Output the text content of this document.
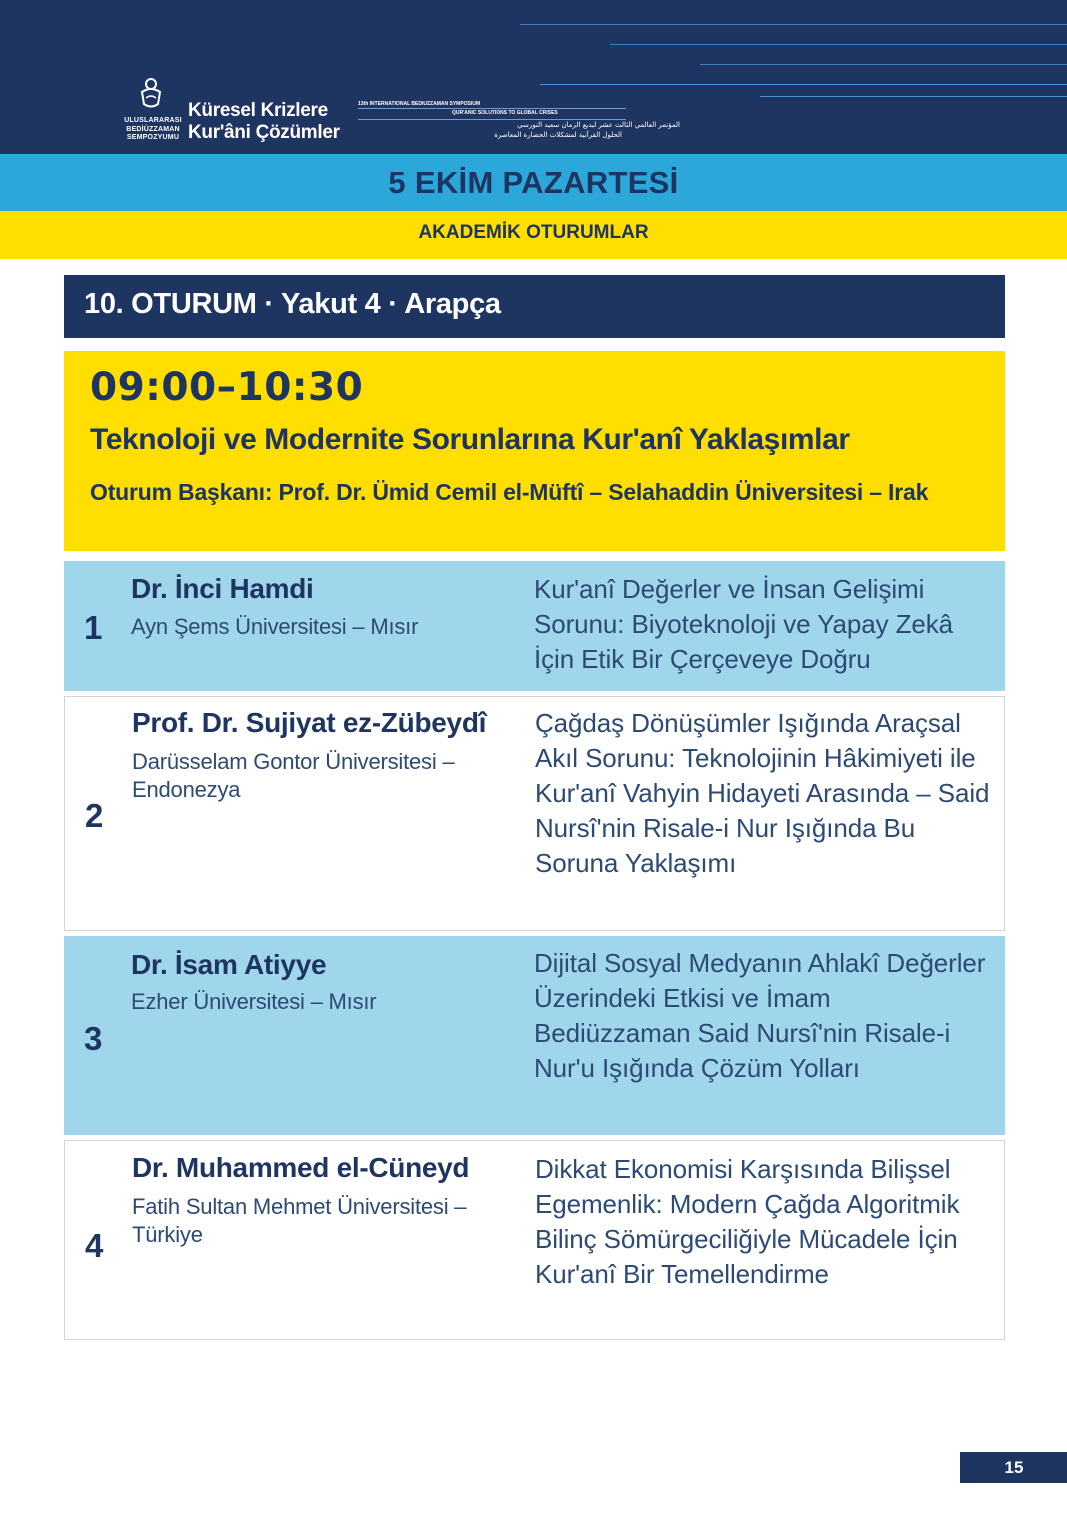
ULUSLARARASI
BEDİÜZZAMAN
SEMPOZYUMU
Küresel Krizlere
Kur'âni Çözümler
13th INTERNATIONAL BEDIUZZAMAN SYMPOSIUM
QUR'ANIC SOLUTIONS TO GLOBAL CRISES
المؤتمر العالمي الثالث عشر لبديع الزمان سعيد النورسي
الحلول القرآنية لمشكلات الحضارة المعاصرة
5 EKİM PAZARTESİ
AKADEMİK OTURUMLAR
10. OTURUM · Yakut 4 · Arapça
09:00–10:30
Teknoloji ve Modernite Sorunlarına Kur'anî Yaklaşımlar
Oturum Başkanı: Prof. Dr. Ümid Cemil el-Müftî – Selahaddin Üniversitesi – Irak
1
Dr. İnci Hamdi
Ayn Şems Üniversitesi – Mısır
Kur'anî Değerler ve İnsan Gelişimi Sorunu: Biyoteknoloji ve Yapay Zekâ İçin Etik Bir Çerçeveye Doğru
2
Prof. Dr. Sujiyat ez-Zübeydî
Darüsselam Gontor Üniversitesi – Endonezya
Çağdaş Dönüşümler Işığında Araçsal Akıl Sorunu: Teknolojinin Hâkimiyeti ile Kur'anî Vahyin Hidayeti Arasında – Said Nursî'nin Risale-i Nur Işığında Bu Soruna Yaklaşımı
3
Dr. İsam Atiyye
Ezher Üniversitesi – Mısır
Dijital Sosyal Medyanın Ahlakî Değerler Üzerindeki Etkisi ve İmam Bediüzzaman Said Nursî'nin Risale-i Nur'u Işığında Çözüm Yolları
4
Dr. Muhammed el-Cüneyd
Fatih Sultan Mehmet Üniversitesi – Türkiye
Dikkat Ekonomisi Karşısında Bilişsel Egemenlik: Modern Çağda Algoritmik Bilinç Sömürgeciliğiyle Mücadele İçin Kur'anî Bir Temellendirme
15
